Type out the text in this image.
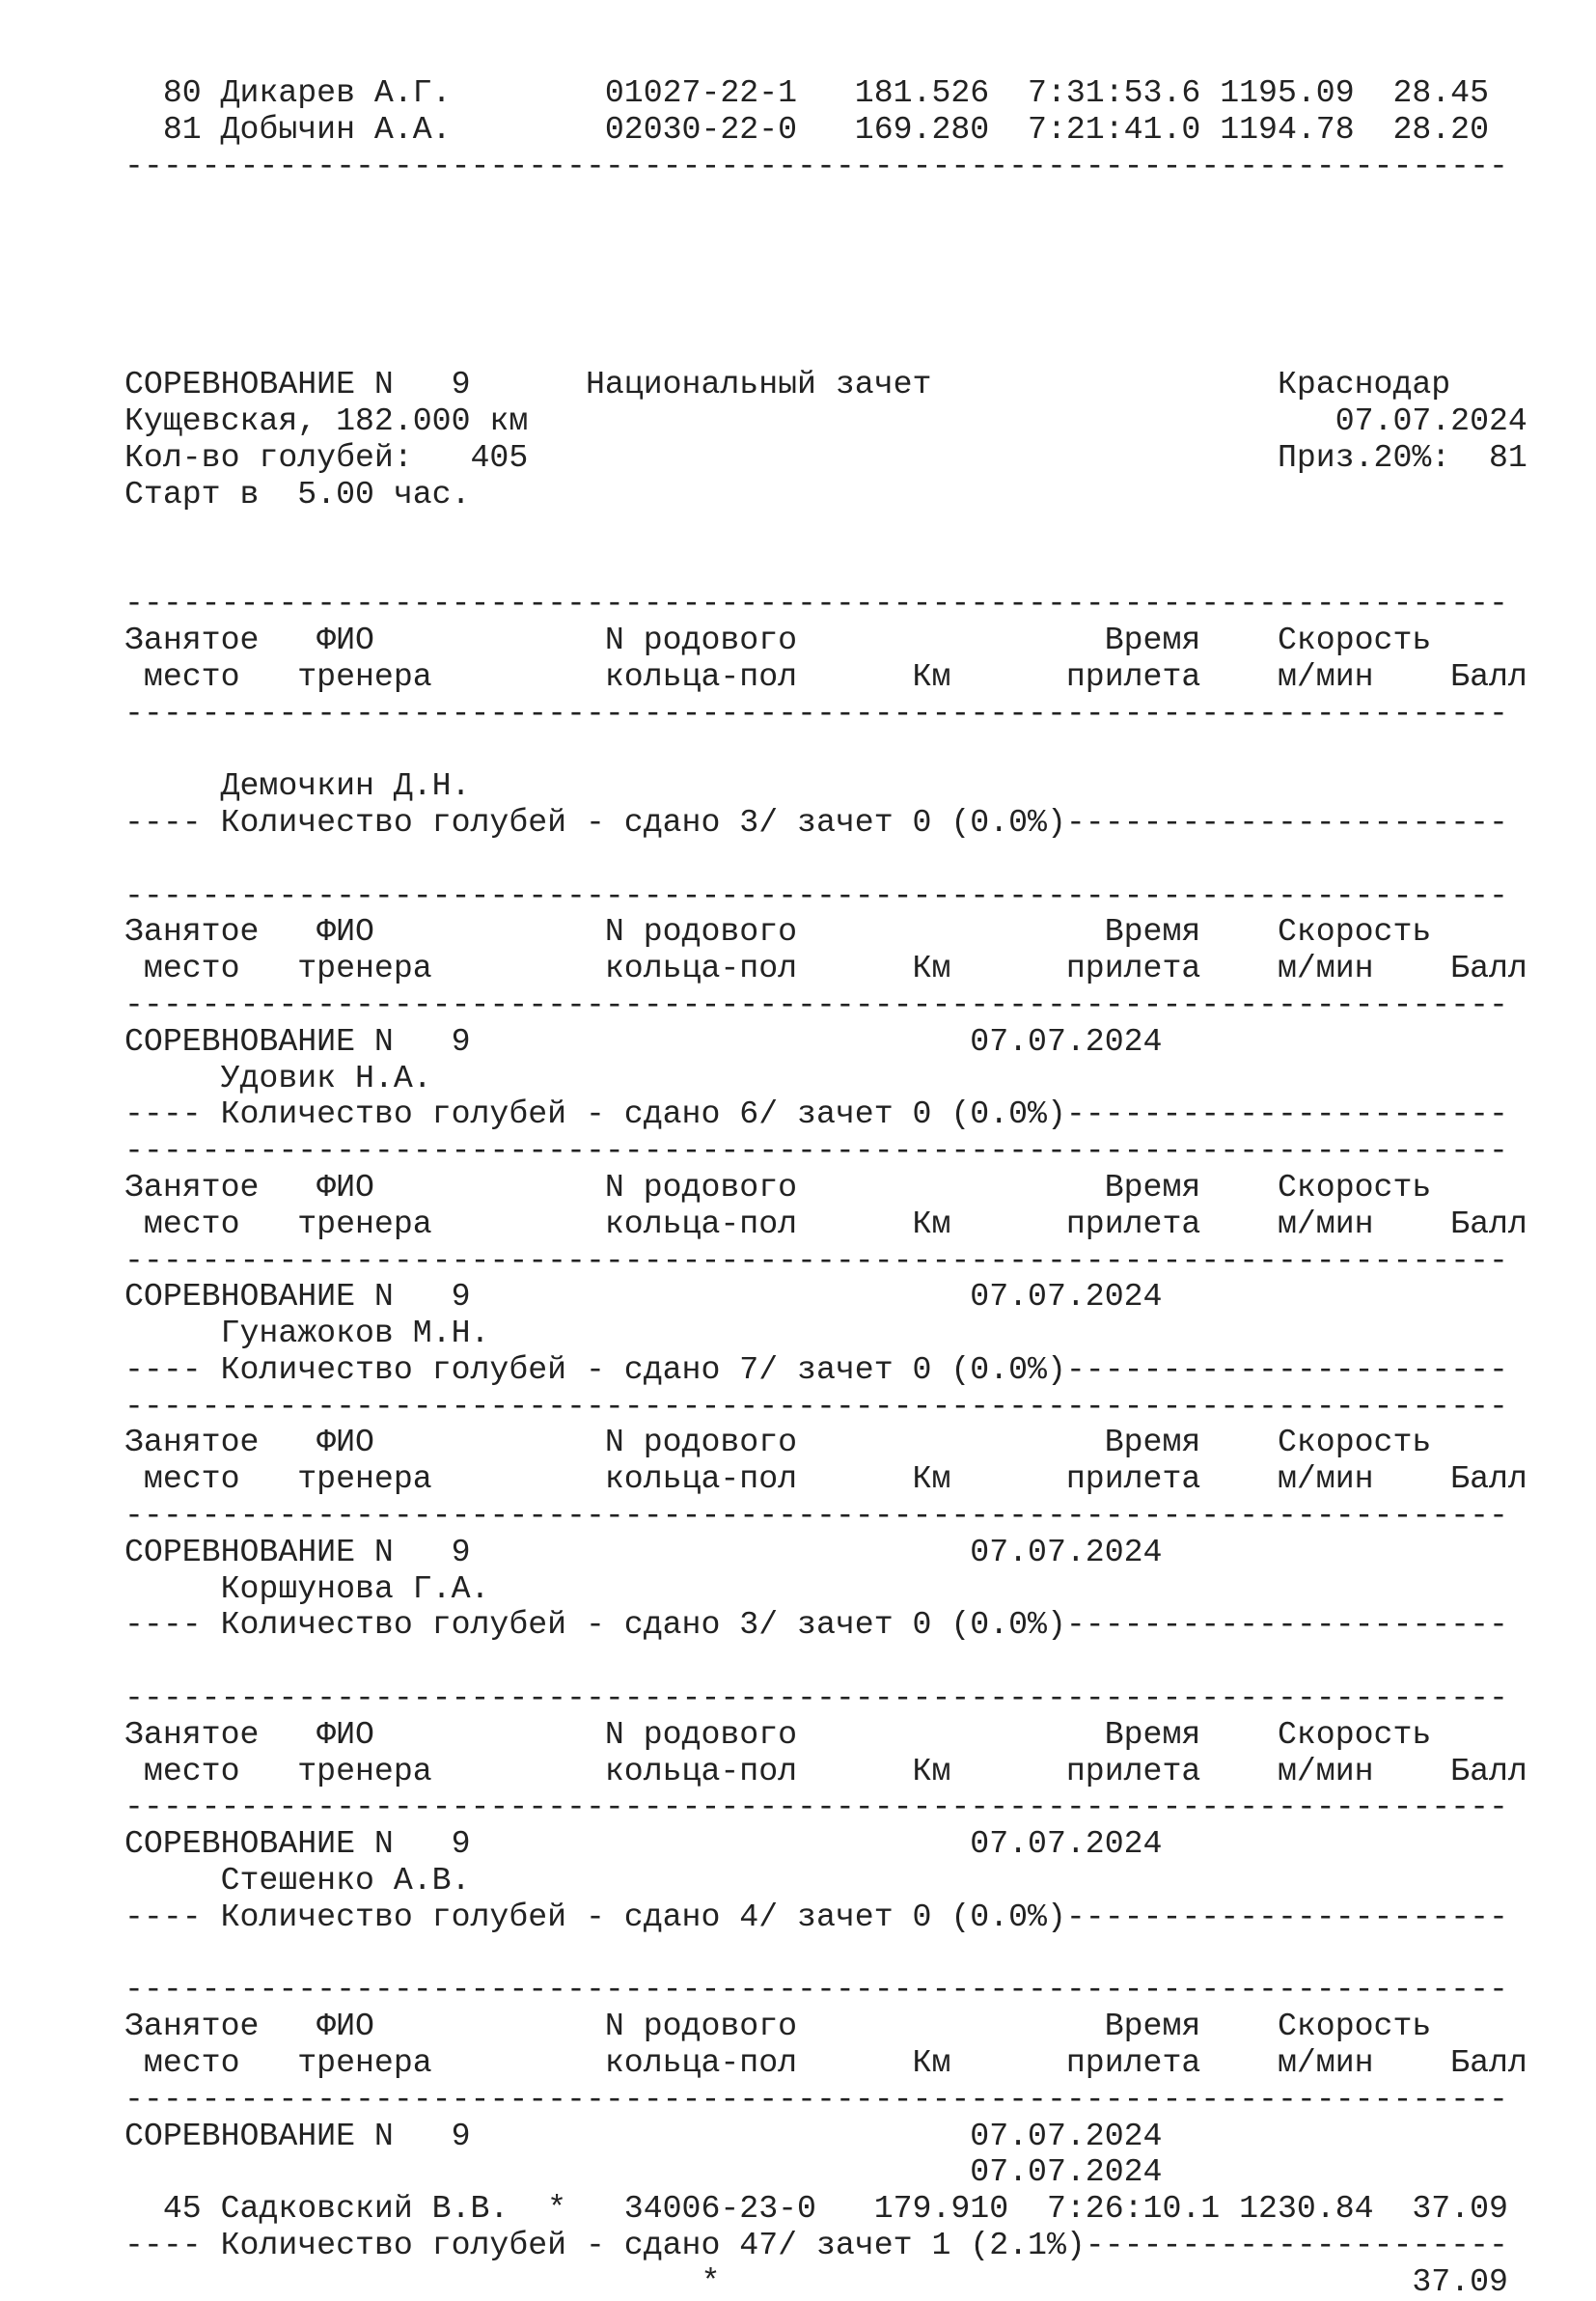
80 Дикарев А.Г.        01027-22-1   181.526  7:31:53.6 1195.09  28.45
81 Добычин А.А.        02030-22-0   169.280  7:21:41.0 1194.78  28.20
------------------------------------------------------------------------
СОРЕВНОВАНИЕ N   9      Национальный зачет                  Краснодар
Кущевская, 182.000 км                                          07.07.2024
Кол-во голубей:   405                                       Приз.20%:  81
Старт в  5.00 час.
------------------------------------------------------------------------
Занятое   ФИО            N родового                Время    Скорость
место   тренера         кольца-пол      Км      прилета    м/мин    Балл
------------------------------------------------------------------------
Демочкин Д.Н.
---- Количество голубей - сдано 3/ зачет 0 (0.0%)-----------------------
------------------------------------------------------------------------
Занятое   ФИО            N родового                Время    Скорость
место   тренера         кольца-пол      Км      прилета    м/мин    Балл
------------------------------------------------------------------------
СОРЕВНОВАНИЕ N   9                          07.07.2024
Удовик Н.А.
---- Количество голубей - сдано 6/ зачет 0 (0.0%)-----------------------
------------------------------------------------------------------------
Занятое   ФИО            N родового                Время    Скорость
место   тренера         кольца-пол      Км      прилета    м/мин    Балл
------------------------------------------------------------------------
СОРЕВНОВАНИЕ N   9                          07.07.2024
Гунажоков М.Н.
---- Количество голубей - сдано 7/ зачет 0 (0.0%)-----------------------
------------------------------------------------------------------------
Занятое   ФИО            N родового                Время    Скорость
место   тренера         кольца-пол      Км      прилета    м/мин    Балл
------------------------------------------------------------------------
СОРЕВНОВАНИЕ N   9                          07.07.2024
Коршунова Г.А.
---- Количество голубей - сдано 3/ зачет 0 (0.0%)-----------------------
------------------------------------------------------------------------
Занятое   ФИО            N родового                Время    Скорость
место   тренера         кольца-пол      Км      прилета    м/мин    Балл
------------------------------------------------------------------------
СОРЕВНОВАНИЕ N   9                          07.07.2024
Стешенко А.В.
---- Количество голубей - сдано 4/ зачет 0 (0.0%)-----------------------
------------------------------------------------------------------------
Занятое   ФИО            N родового                Время    Скорость
место   тренера         кольца-пол      Км      прилета    м/мин    Балл
------------------------------------------------------------------------
СОРЕВНОВАНИЕ N   9                          07.07.2024
07.07.2024
45 Садковский В.В.  *   34006-23-0   179.910  7:26:10.1 1230.84  37.09
---- Количество голубей - сдано 47/ зачет 1 (2.1%)----------------------
*                                    37.09
